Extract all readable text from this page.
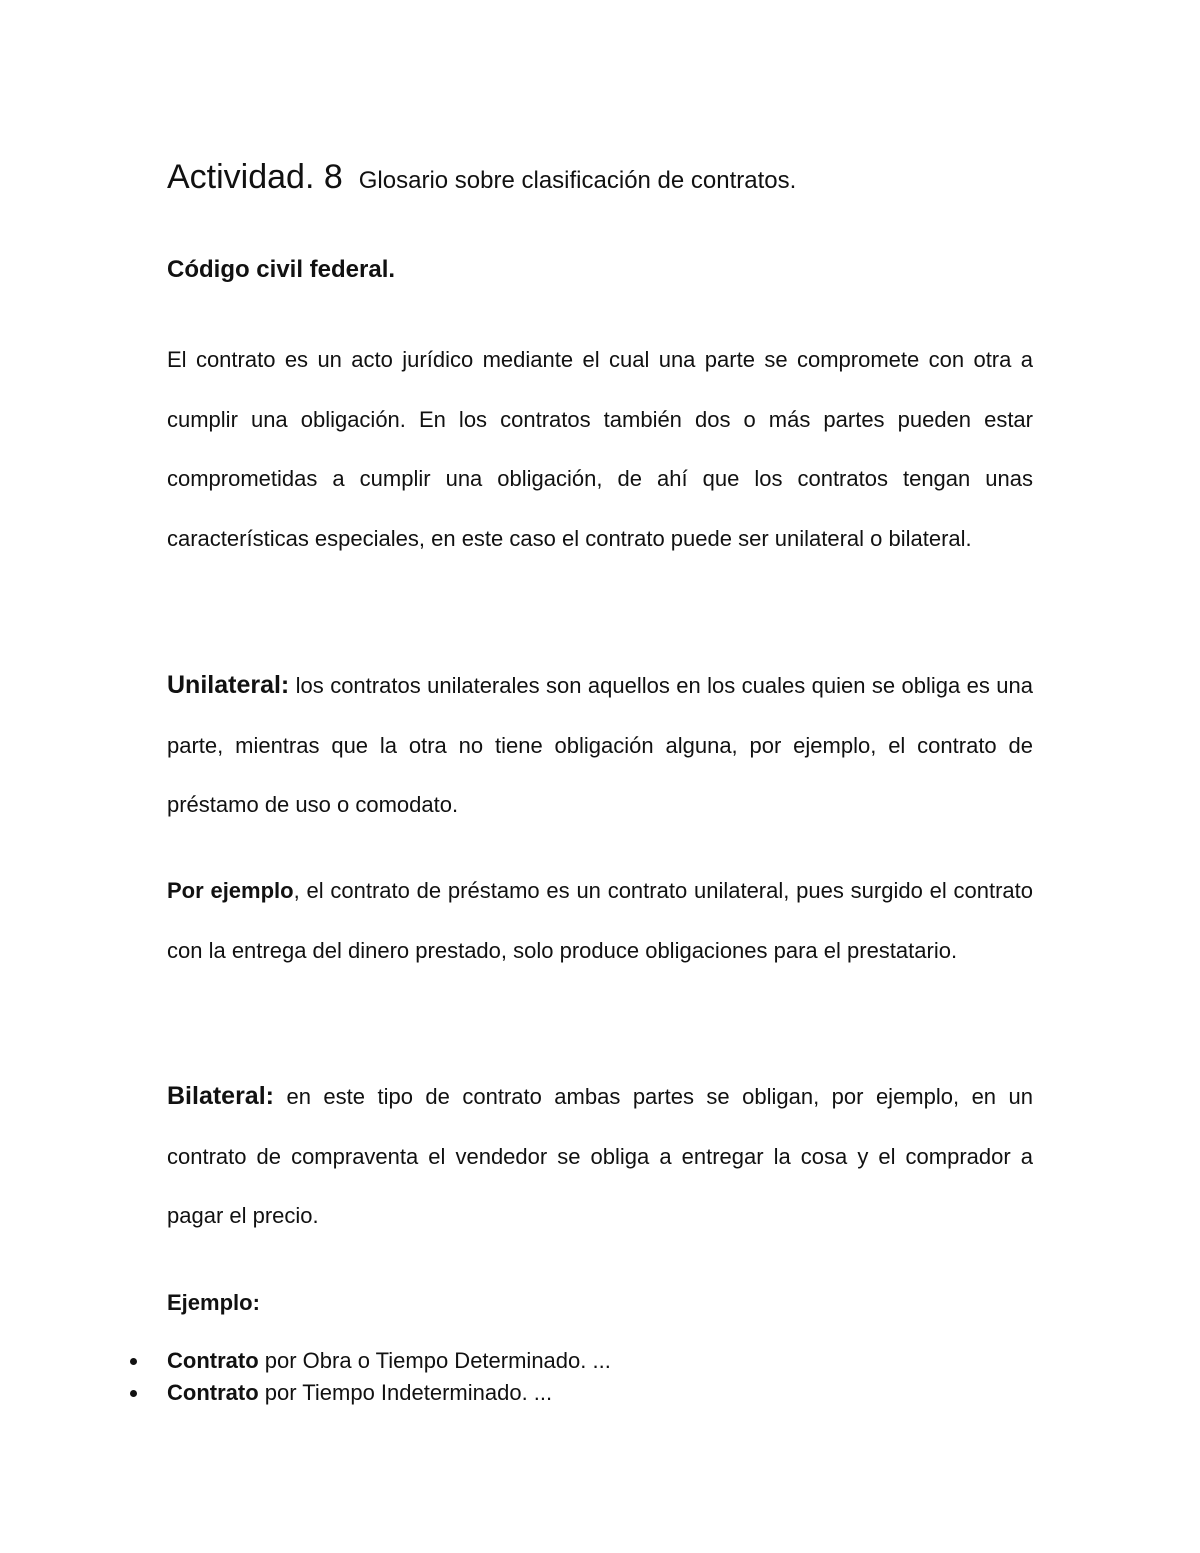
Actividad. 8 Glosario sobre clasificación de contratos.
Código civil federal.

El contrato es un acto jurídico mediante el cual una parte se compromete con otra a cumplir una obligación. En los contratos también dos o más partes pueden estar comprometidas a cumplir una obligación, de ahí que los contratos tengan unas características especiales, en este caso el contrato puede ser unilateral o bilateral.

Unilateral: los contratos unilaterales son aquellos en los cuales quien se obliga es una parte, mientras que la otra no tiene obligación alguna, por ejemplo, el contrato de préstamo de uso o comodato.

Por ejemplo, el contrato de préstamo es un contrato unilateral, pues surgido el contrato con la entrega del dinero prestado, solo produce obligaciones para el prestatario.

Bilateral: en este tipo de contrato ambas partes se obligan, por ejemplo, en un contrato de compraventa el vendedor se obliga a entregar la cosa y el comprador a pagar el precio.

Ejemplo:
Contrato por Obra o Tiempo Determinado. ...
Contrato por Tiempo Indeterminado. ...
